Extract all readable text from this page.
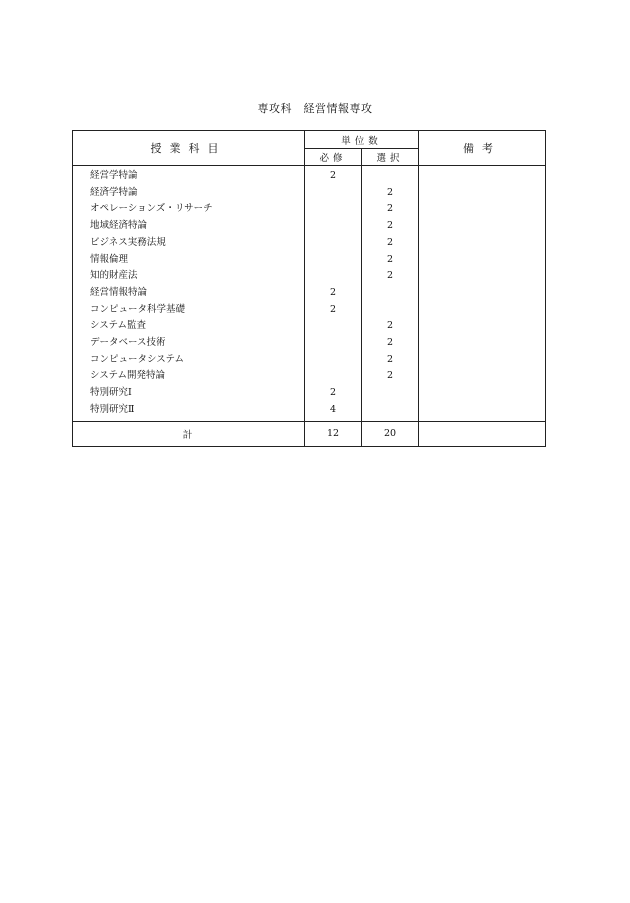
専攻科　経営情報専攻
授業科目	単位数		備考
	必修	選択	
経営学特論	2		
経済学特論		2	
オペレーションズ・リサーチ		2	
地域経済特論		2	
ビジネス実務法規		2	
情報倫理		2	
知的財産法		2	
経営情報特論	2		
コンピュータ科学基礎	2		
システム監査		2	
データベース技術		2	
コンピュータシステム		2	
システム開発特論		2	
特別研究Ⅰ	2		
特別研究Ⅱ	4		
計	12	20	
